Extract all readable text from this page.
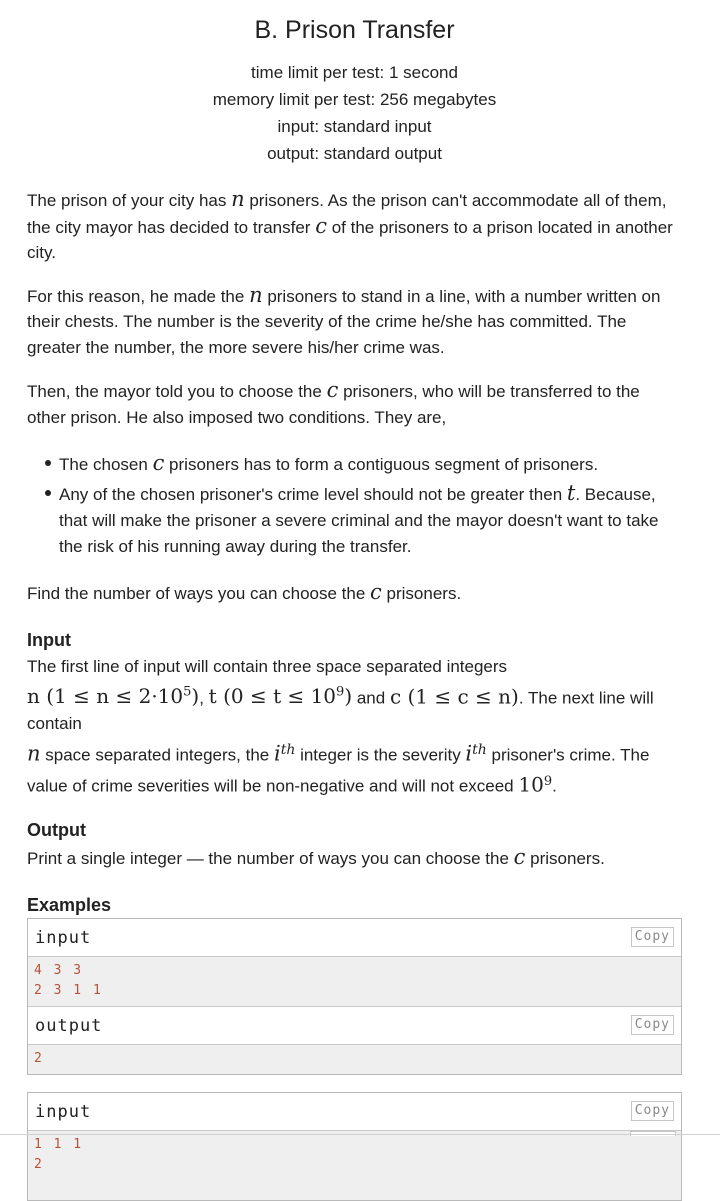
B. Prison Transfer
time limit per test: 1 second
memory limit per test: 256 megabytes
input: standard input
output: standard output

The prison of your city has n prisoners. As the prison can't accommodate all of them, the city mayor has decided to transfer c of the prisoners to a prison located in another city.

For this reason, he made the n prisoners to stand in a line, with a number written on their chests. The number is the severity of the crime he/she has committed. The greater the number, the more severe his/her crime was.

Then, the mayor told you to choose the c prisoners, who will be transferred to the other prison. He also imposed two conditions. They are,

The chosen c prisoners has to form a contiguous segment of prisoners.
Any of the chosen prisoner's crime level should not be greater then t. Because, that will make the prisoner a severe criminal and the mayor doesn't want to take the risk of his running away during the transfer.

Find the number of ways you can choose the c prisoners.

Input

The first line of input will contain three space separated integers
n $(1 \le n \le 2\cdot 10^5)$, t $(0 \le t \le 10^9)$ and c (1 ≤ c ≤ n). The next line will contain
n space separated integers, the $i^{th}$ integer is the severity $i^{th}$ prisoner's crime. The
value of crime severities will be non-negative and will not exceed $10^9$.

Output

Print a single integer — the number of ways you can choose the c prisoners.

Examples
input	Copy
4 3 3
2 3 1 1
output	Copy
2
input	Copy
1 1 1
2
